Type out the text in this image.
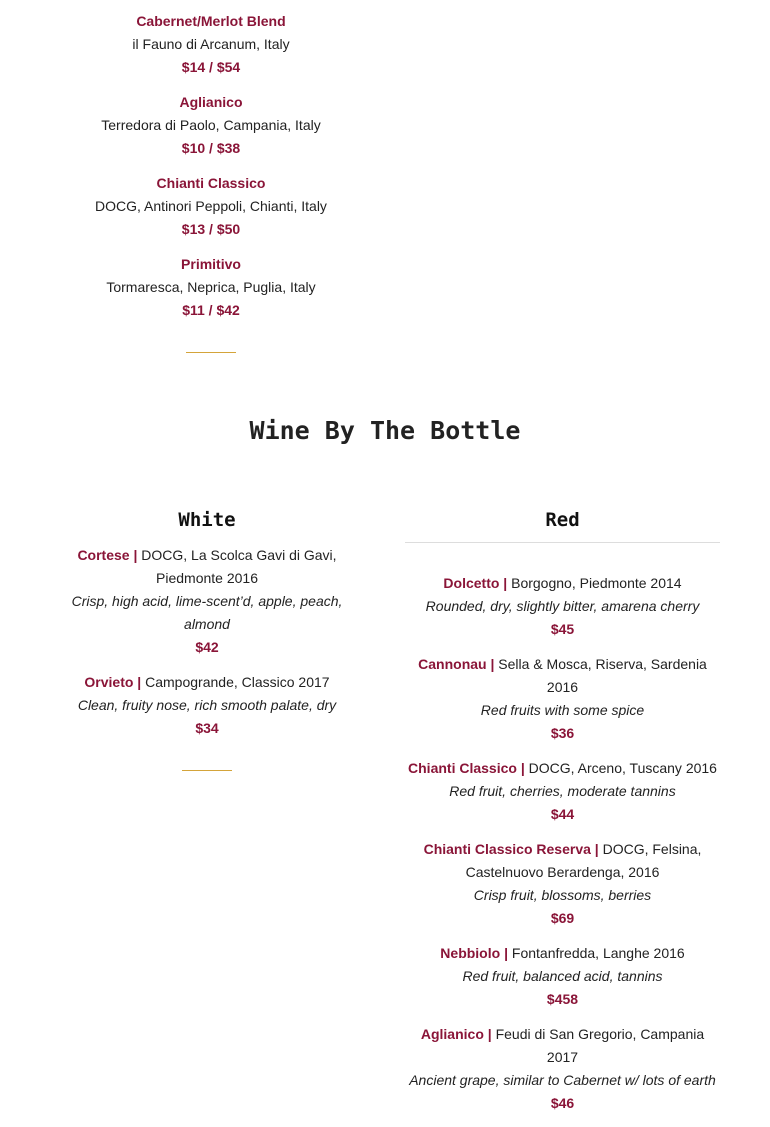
Cabernet/Merlot Blend
il Fauno di Arcanum, Italy
$14 / $54
Aglianico
Terredora di Paolo, Campania, Italy
$10 / $38
Chianti Classico
DOCG, Antinori Peppoli, Chianti, Italy
$13 / $50
Primitivo
Tormaresca, Neprica, Puglia, Italy
$11 / $42
Wine By The Bottle
White
Cortese | DOCG, La Scolca Gavi di Gavi, Piedmonte 2016
Crisp, high acid, lime-scent’d, apple, peach, almond
$42
Orvieto | Campogrande, Classico 2017
Clean, fruity nose, rich smooth palate, dry
$34
Red
Dolcetto | Borgogno, Piedmonte 2014
Rounded, dry, slightly bitter, amarena cherry
$45
Cannonau | Sella & Mosca, Riserva, Sardenia 2016
Red fruits with some spice
$36
Chianti Classico | DOCG, Arceno, Tuscany 2016
Red fruit, cherries, moderate tannins
$44
Chianti Classico Reserva | DOCG, Felsina, Castelnuovo Berardenga, 2016
Crisp fruit, blossoms, berries
$69
Nebbiolo | Fontanfredda, Langhe 2016
Red fruit, balanced acid, tannins
$458
Aglianico | Feudi di San Gregorio, Campania 2017
Ancient grape, similar to Cabernet w/ lots of earth
$46
